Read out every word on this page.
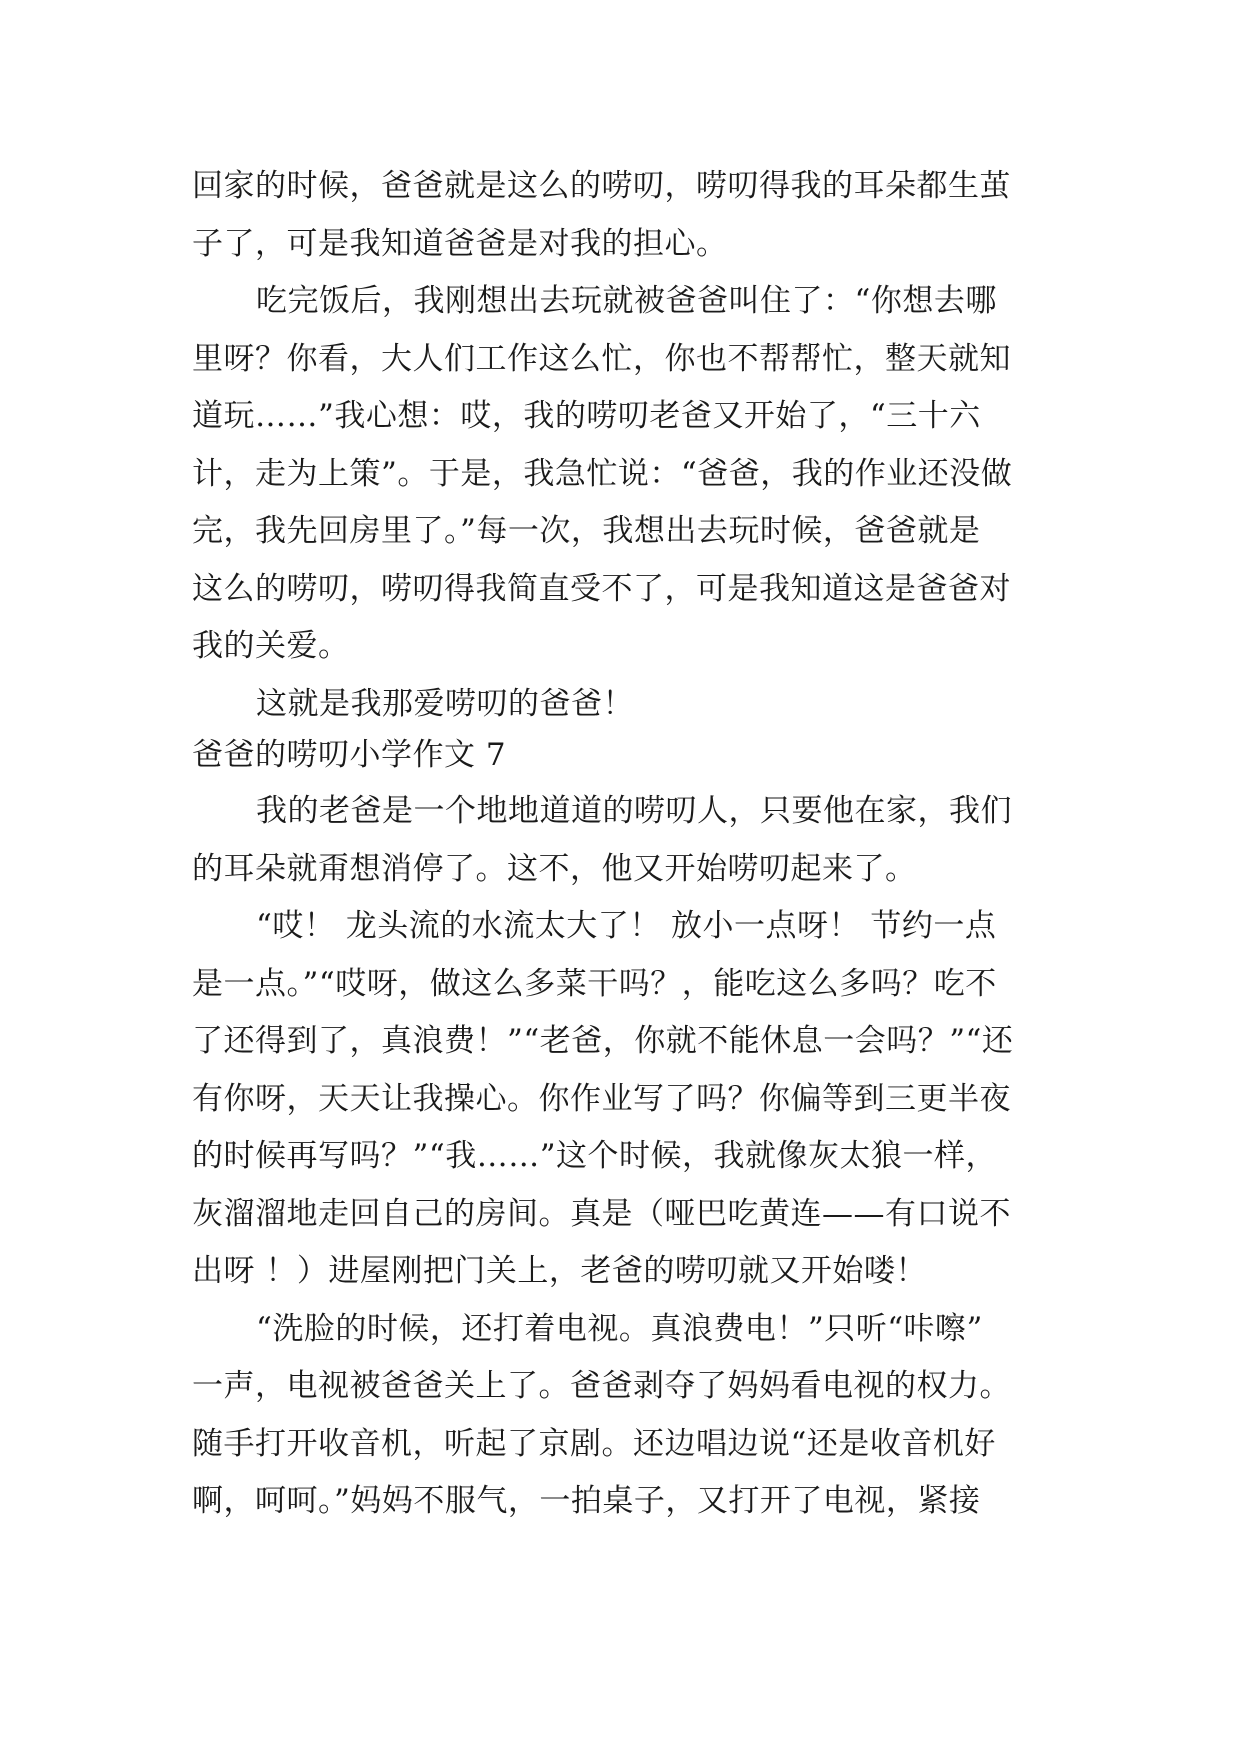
回家的时候，爸爸就是这么的唠叨，唠叨得我的耳朵都生茧
子了，可是我知道爸爸是对我的担心。
吃完饭后，我刚想出去玩就被爸爸叫住了：“你想去哪
里呀？你看，大人们工作这么忙，你也不帮帮忙，整天就知
道玩……”我心想：哎，我的唠叨老爸又开始了，“三十六
计，走为上策”。于是，我急忙说：“爸爸，我的作业还没做
完，我先回房里了。”每一次，我想出去玩时候，爸爸就是
这么的唠叨，唠叨得我简直受不了，可是我知道这是爸爸对
我的关爱。
这就是我那爱唠叨的爸爸！
爸爸的唠叨小学作文 7
我的老爸是一个地地道道的唠叨人，只要他在家，我们
的耳朵就甭想消停了。这不，他又开始唠叨起来了。
“哎！ 龙头流的水流太大了！ 放小一点呀！ 节约一点
是一点。”“哎呀，做这么多菜干吗？，能吃这么多吗？吃不
了还得到了，真浪费！”“老爸，你就不能休息一会吗？”“还
有你呀，天天让我操心。你作业写了吗？你偏等到三更半夜
的时候再写吗？”“我……”这个时候，我就像灰太狼一样，
灰溜溜地走回自己的房间。真是（哑巴吃黄连——有口说不
出呀 ！）进屋刚把门关上，老爸的唠叨就又开始喽！
“洗脸的时候，还打着电视。真浪费电！”只听“咔嚓”
一声，电视被爸爸关上了。爸爸剥夺了妈妈看电视的权力。
随手打开收音机，听起了京剧。还边唱边说“还是收音机好
啊，呵呵。”妈妈不服气，一拍桌子，又打开了电视，紧接
